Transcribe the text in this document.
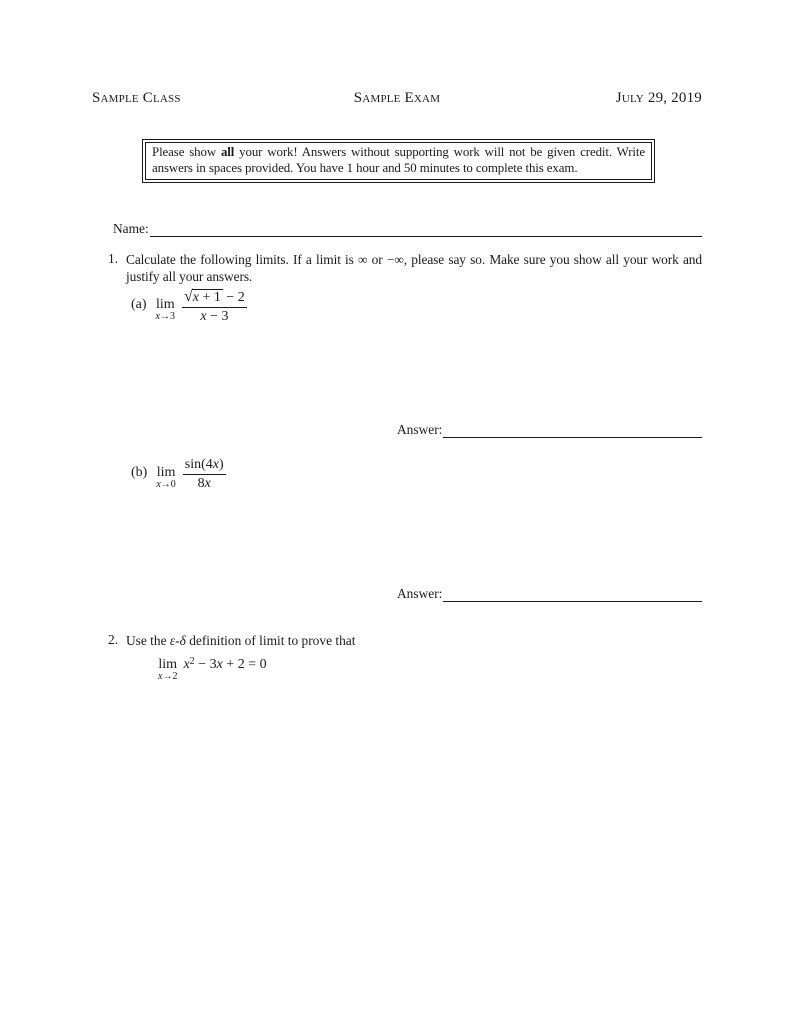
Sample Class	Sample Exam	July 29, 2019

Please show all your work! Answers without supporting work will not be given credit. Write answers in spaces provided. You have 1 hour and 50 minutes to complete this exam.

Name:
1. Calculate the following limits. If a limit is ∞ or −∞, please say so. Make sure you show all your work and justify all your answers.
(a) lim
$x\to 3 \frac{√x + 1 - 2}{x - 3}$
Answer:
(b) lim
$x\to 0 \frac{\sin(4x)}{8x}$
Answer:
2. Use the ε-δ definition of limit to prove that
lim
x→2
$x^2 - 3x + 2 = 0$
